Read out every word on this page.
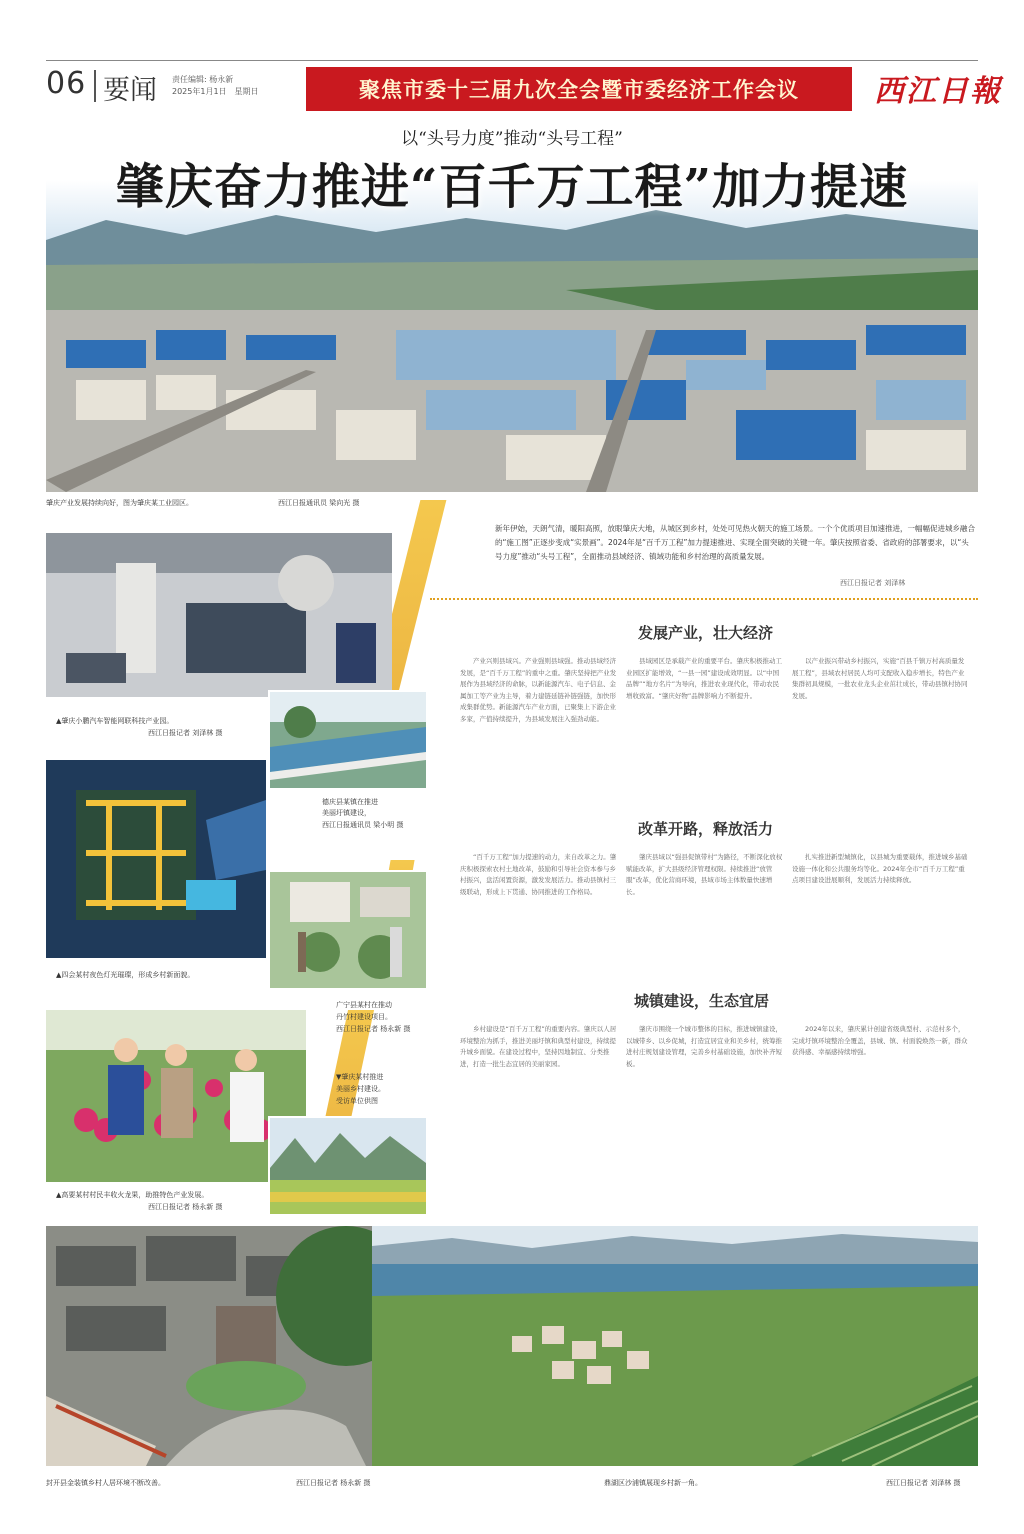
06 要闻 责任编辑: 杨永新
2025年1月1日　星期日	聚焦市委十三届九次全会暨市委经济工作会议	西江日報
以“头号力度”推动“头号工程”
肇庆奋力推进“百千万工程”加力提速
肇庆产业发展持续向好，图为肇庆某工业园区。	西江日报通讯员 梁向光 摄
▲肇庆小鹏汽车智能网联科技产业园。
西江日报记者 刘泽林 摄
德庆县某镇在推进
美丽圩镇建设，
西江日报通讯员 梁小明 摄
▲四会某村夜色灯光璀璨，形成乡村新面貌。
广宁县某村在推动
丹竹村建设项目。
西江日报记者 杨永新 摄
▲高要某村村民丰收火龙果，助推特色产业发展。
西江日报记者 杨永新 摄
▼肇庆某村推进
美丽乡村建设。
受访单位供图
新年伊始，天朗气清，暖阳高照，放眼肇庆大地，从城区到乡村，处处可见热火朝天的施工场景。一个个优质项目加速推进，一幅幅促进城乡融合的“施工图”正逐步变成“实景画”。2024年是“百千万工程”加力提速推进、实现全面突破的关键一年。肇庆按照省委、省政府的部署要求，以“头号力度”推动“头号工程”，全面推动县域经济、镇域功能和乡村治理的高质量发展。
西江日报记者 刘泽林
发展产业，壮大经济

产业兴则县域兴。产业强则县域强。推动县域经济发展，是“百千万工程”的重中之重。肇庆坚持把产业发展作为县域经济的命脉，以新能源汽车、电子信息、金属加工等产业为主导，着力建链延链补链强链，加快形成集群优势。新能源汽车产业方面，已聚集上下游企业多家，产值持续提升，为县域发展注入强劲动能。

县域园区是承载产业的重要平台。肇庆积极推动工业园区扩能增效，“一县一园”建设成效明显。以“中国品牌”“地方名片”为导向，推进农业现代化，带动农民增收致富。“肇庆好物”品牌影响力不断提升。

以产业振兴带动乡村振兴，实施“百县千镇万村高质量发展工程”，县域农村居民人均可支配收入稳步增长，特色产业集群初具规模，一批农业龙头企业茁壮成长，带动县镇村协同发展。

改革开路，释放活力

“百千万工程”加力提速的动力，来自改革之力。肇庆积极探索农村土地改革，鼓励和引导社会资本参与乡村振兴，盘活闲置资源，激发发展活力。推动县镇村三级联动，形成上下贯通、协同推进的工作格局。

肇庆县域以“强县促镇带村”为路径，不断深化放权赋能改革，扩大县级经济管理权限。持续推进“放管服”改革，优化营商环境，县域市场主体数量快速增长。

扎实推进新型城镇化，以县城为重要载体，推进城乡基础设施一体化和公共服务均等化。2024年全市“百千万工程”重点项目建设进展顺利，发展活力持续释放。

城镇建设，生态宜居

乡村建设是“百千万工程”的重要内容。肇庆以人居环境整治为抓手，推进美丽圩镇和典型村建设，持续提升城乡面貌。在建设过程中，坚持因地制宜、分类推进，打造一批生态宜居的美丽家园。

肇庆市围绕一个城市整体的目标，推进城镇建设，以城带乡、以乡促城，打造宜居宜业和美乡村，统筹推进村庄规划建设管理，完善乡村基础设施，加快补齐短板。

2024年以来，肇庆累计创建省级典型村、示范村多个，完成圩镇环境整治全覆盖，县城、镇、村面貌焕然一新，群众获得感、幸福感持续增强。

封开县金装镇乡村人居环境不断改善。	西江日报记者 杨永新 摄	鼎湖区沙浦镇展现乡村新一角。	西江日报记者 刘泽林 摄
